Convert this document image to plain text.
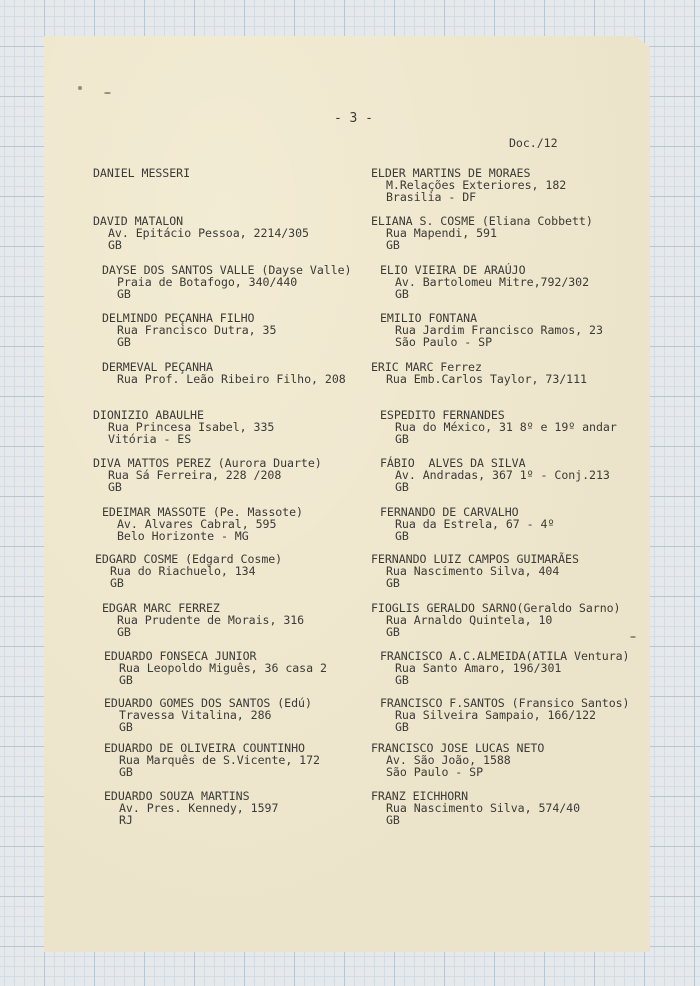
- 3 -
Doc./12
DANIEL MESSERI
DAVID MATALON
Av. Epitácio Pessoa, 2214/305
GB
DAYSE DOS SANTOS VALLE (Dayse Valle)
Praia de Botafogo, 340/440
GB
DELMINDO PEÇANHA FILHO
Rua Francisco Dutra, 35
GB
DERMEVAL PEÇANHA
Rua Prof. Leão Ribeiro Filho, 208
DIONIZIO ABAULHE
Rua Princesa Isabel, 335
Vitória - ES
DIVA MATTOS PEREZ (Aurora Duarte)
Rua Sá Ferreira, 228 /208
GB
EDEIMAR MASSOTE (Pe. Massote)
Av. Alvares Cabral, 595
Belo Horizonte - MG
EDGARD COSME (Edgard Cosme)
Rua do Riachuelo, 134
GB
EDGAR MARC FERREZ
Rua Prudente de Morais, 316
GB
EDUARDO FONSECA JUNIOR
Rua Leopoldo Miguês, 36 casa 2
GB
EDUARDO GOMES DOS SANTOS (Edú)
Travessa Vitalina, 286
GB
EDUARDO DE OLIVEIRA COUNTINHO
Rua Marquês de S.Vicente, 172
GB
EDUARDO SOUZA MARTINS
Av. Pres. Kennedy, 1597
RJ
ELDER MARTINS DE MORAES
M.Relações Exteriores, 182
Brasilia - DF
ELIANA S. COSME (Eliana Cobbett)
Rua Mapendi, 591
GB
ELIO VIEIRA DE ARAÚJO
Av. Bartolomeu Mitre,792/302
GB
EMILIO FONTANA
Rua Jardim Francisco Ramos, 23
São Paulo - SP
ERIC MARC Ferrez
Rua Emb.Carlos Taylor, 73/111
ESPEDITO FERNANDES
Rua do México, 31 8º e 19º andar
GB
FÁBIO  ALVES DA SILVA
Av. Andradas, 367 1º - Conj.213
GB
FERNANDO DE CARVALHO
Rua da Estrela, 67 - 4º
GB
FERNANDO LUIZ CAMPOS GUIMARÃES
Rua Nascimento Silva, 404
GB
FIOGLIS GERALDO SARNO(Geraldo Sarno)
Rua Arnaldo Quintela, 10
GB
FRANCISCO A.C.ALMEIDA(ATILA Ventura)
Rua Santo Amaro, 196/301
GB
FRANCISCO F.SANTOS (Fransico Santos)
Rua Silveira Sampaio, 166/122
GB
FRANCISCO JOSE LUCAS NETO
Av. São João, 1588
São Paulo - SP
FRANZ EICHHORN
Rua Nascimento Silva, 574/40
GB
